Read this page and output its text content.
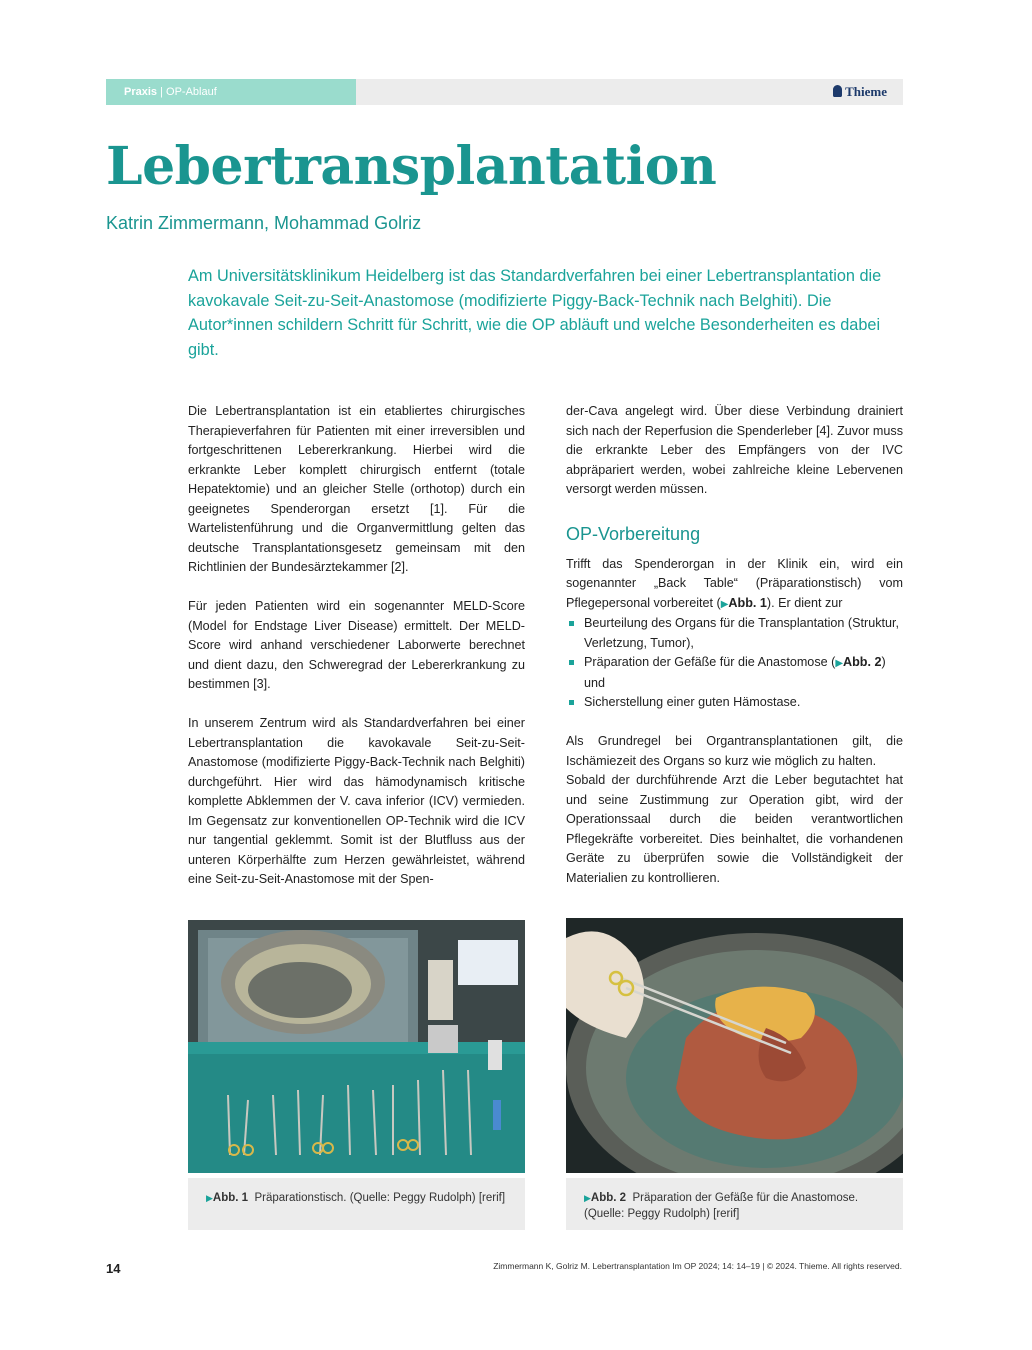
Praxis | OP-Ablauf	Thieme
Lebertransplantation
Katrin Zimmermann, Mohammad Golriz

Am Universitätsklinikum Heidelberg ist das Standardverfahren bei einer Lebertransplantation die kavokavale Seit-zu-Seit-Anastomose (modifizierte Piggy-Back-Technik nach Belghiti). Die Autor*innen schildern Schritt für Schritt, wie die OP abläuft und welche Besonderheiten es dabei gibt.

Die Lebertransplantation ist ein etabliertes chirurgisches Therapieverfahren für Patienten mit einer irreversiblen und fortgeschrittenen Lebererkrankung. Hierbei wird die erkrankte Leber komplett chirurgisch entfernt (totale Hepatektomie) und an gleicher Stelle (orthotop) durch ein geeignetes Spenderorgan ersetzt [1]. Für die Wartelistenführung und die Organvermittlung gelten das deutsche Transplantationsgesetz gemeinsam mit den Richtlinien der Bundesärztekammer [2].

Für jeden Patienten wird ein sogenannter MELD-Score (Model for Endstage Liver Disease) ermittelt. Der MELD-Score wird anhand verschiedener Laborwerte berechnet und dient dazu, den Schweregrad der Lebererkrankung zu bestimmen [3].

In unserem Zentrum wird als Standardverfahren bei einer Lebertransplantation die kavokavale Seit-zu-Seit-Anastomose (modifizierte Piggy-Back-Technik nach Belghiti) durchgeführt. Hier wird das hämodynamisch kritische komplette Abklemmen der V. cava inferior (ICV) vermieden. Im Gegensatz zur konventionellen OP-Technik wird die ICV nur tangential geklemmt. Somit ist der Blutfluss aus der unteren Körperhälfte zum Herzen gewährleistet, während eine Seit-zu-Seit-Anastomose mit der Spen-

der-Cava angelegt wird. Über diese Verbindung drainiert sich nach der Reperfusion die Spenderleber [4]. Zuvor muss die erkrankte Leber des Empfängers von der IVC abpräpariert werden, wobei zahlreiche kleine Lebervenen versorgt werden müssen.

OP-Vorbereitung

Trifft das Spenderorgan in der Klinik ein, wird ein sogenannter „Back Table“ (Präparationstisch) vom Pflegepersonal vorbereitet (▶Abb. 1). Er dient zur

Beurteilung des Organs für die Transplantation (Struktur, Verletzung, Tumor),
Präparation der Gefäße für die Anastomose (▶Abb. 2) und
Sicherstellung einer guten Hämostase.

Als Grundregel bei Organtransplantationen gilt, die Ischämiezeit des Organs so kurz wie möglich zu halten.

Sobald der durchführende Arzt die Leber begutachtet hat und seine Zustimmung zur Operation gibt, wird der Operationssaal durch die beiden verantwortlichen Pflegekräfte vorbereitet. Dies beinhaltet, die vorhandenen Geräte zu überprüfen sowie die Vollständigkeit der Materialien zu kontrollieren.

▶Abb. 1 Präparationstisch. (Quelle: Peggy Rudolph) [rerif]	▶Abb. 2 Präparation der Gefäße für die Anastomose. (Quelle: Peggy Rudolph) [rerif]
14	Zimmermann K, Golriz M. Lebertransplantation Im OP 2024; 14: 14–19 | © 2024. Thieme. All rights reserved.
